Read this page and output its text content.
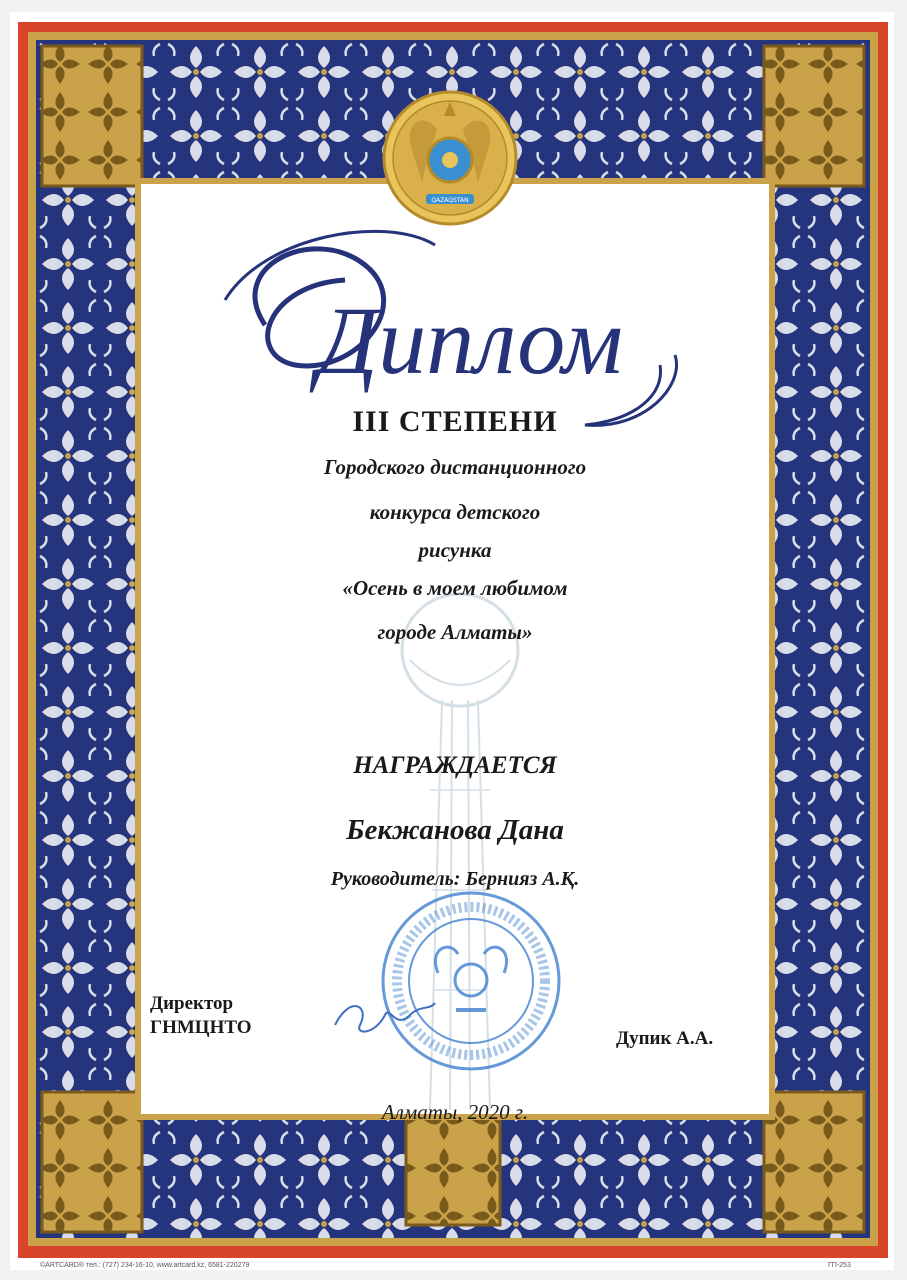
QAZAQSTAN
Диплом
III СТЕПЕНИ
Городского дистанционного
конкурса детского
рисунка
«Осень в моем любимом
городе Алматы»
НАГРАЖДАЕТСЯ
Бекжанова Дана
Руководитель: Бернияз А.Қ.
Директор
ГНМЦНТО
Дупик А.А.
Алматы, 2020 г.
©ARTCARD® тел.: (727) 234-16-10, www.artcard.kz, 6581-220279	ГП-253
